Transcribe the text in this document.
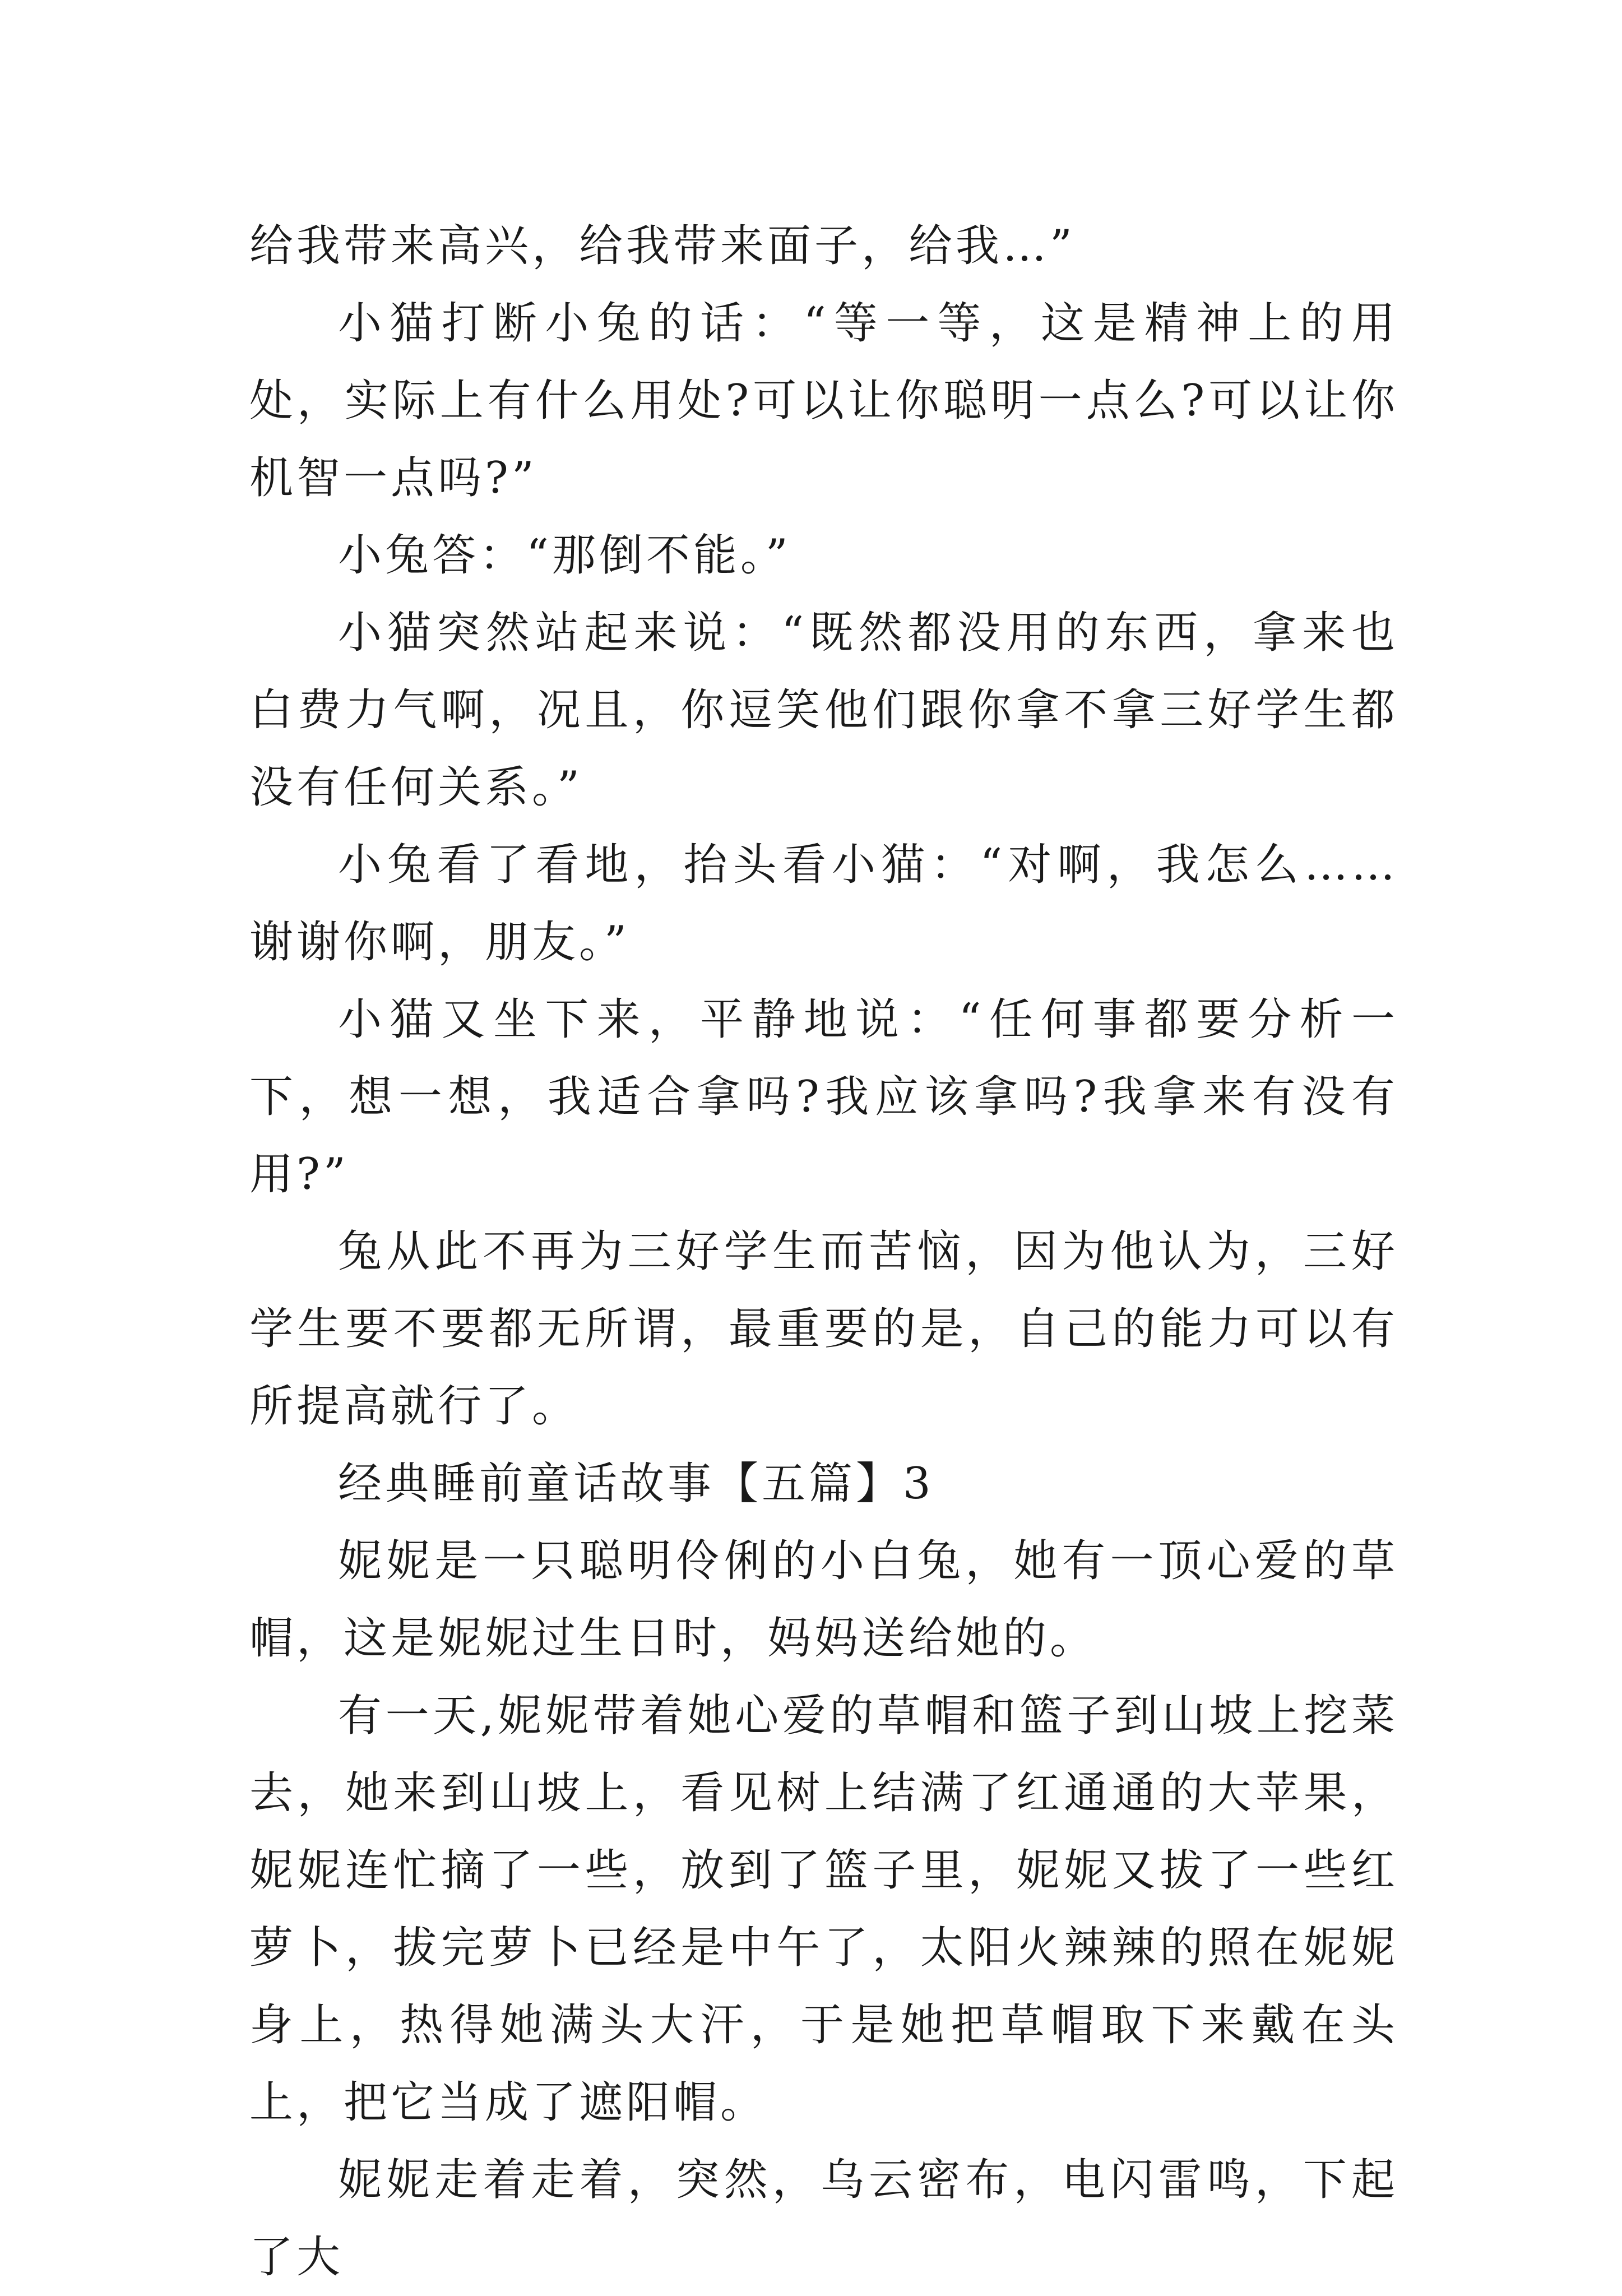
给我带来高兴，给我带来面子，给我…”

小猫打断小兔的话：“等一等，这是精神上的用处，实际上有什么用处?可以让你聪明一点么?可以让你机智一点吗?”

小兔答：“那倒不能。”

小猫突然站起来说：“既然都没用的东西，拿来也白费力气啊，况且，你逗笑他们跟你拿不拿三好学生都没有任何关系。”

小兔看了看地，抬头看小猫：“对啊，我怎么……谢谢你啊，朋友。”

小猫又坐下来，平静地说：“任何事都要分析一下，想一想，我适合拿吗?我应该拿吗?我拿来有没有用?”

兔从此不再为三好学生而苦恼，因为他认为，三好学生要不要都无所谓，最重要的是，自己的能力可以有所提高就行了。

经典睡前童话故事【五篇】3

妮妮是一只聪明伶俐的小白兔，她有一顶心爱的草帽，这是妮妮过生日时，妈妈送给她的。

有一天,妮妮带着她心爱的草帽和篮子到山坡上挖菜去，她来到山坡上，看见树上结满了红通通的大苹果，妮妮连忙摘了一些，放到了篮子里，妮妮又拔了一些红萝卜，拔完萝卜已经是中午了，太阳火辣辣的照在妮妮身上，热得她满头大汗，于是她把草帽取下来戴在头上，把它当成了遮阳帽。

妮妮走着走着，突然，乌云密布，电闪雷鸣，下起了大
